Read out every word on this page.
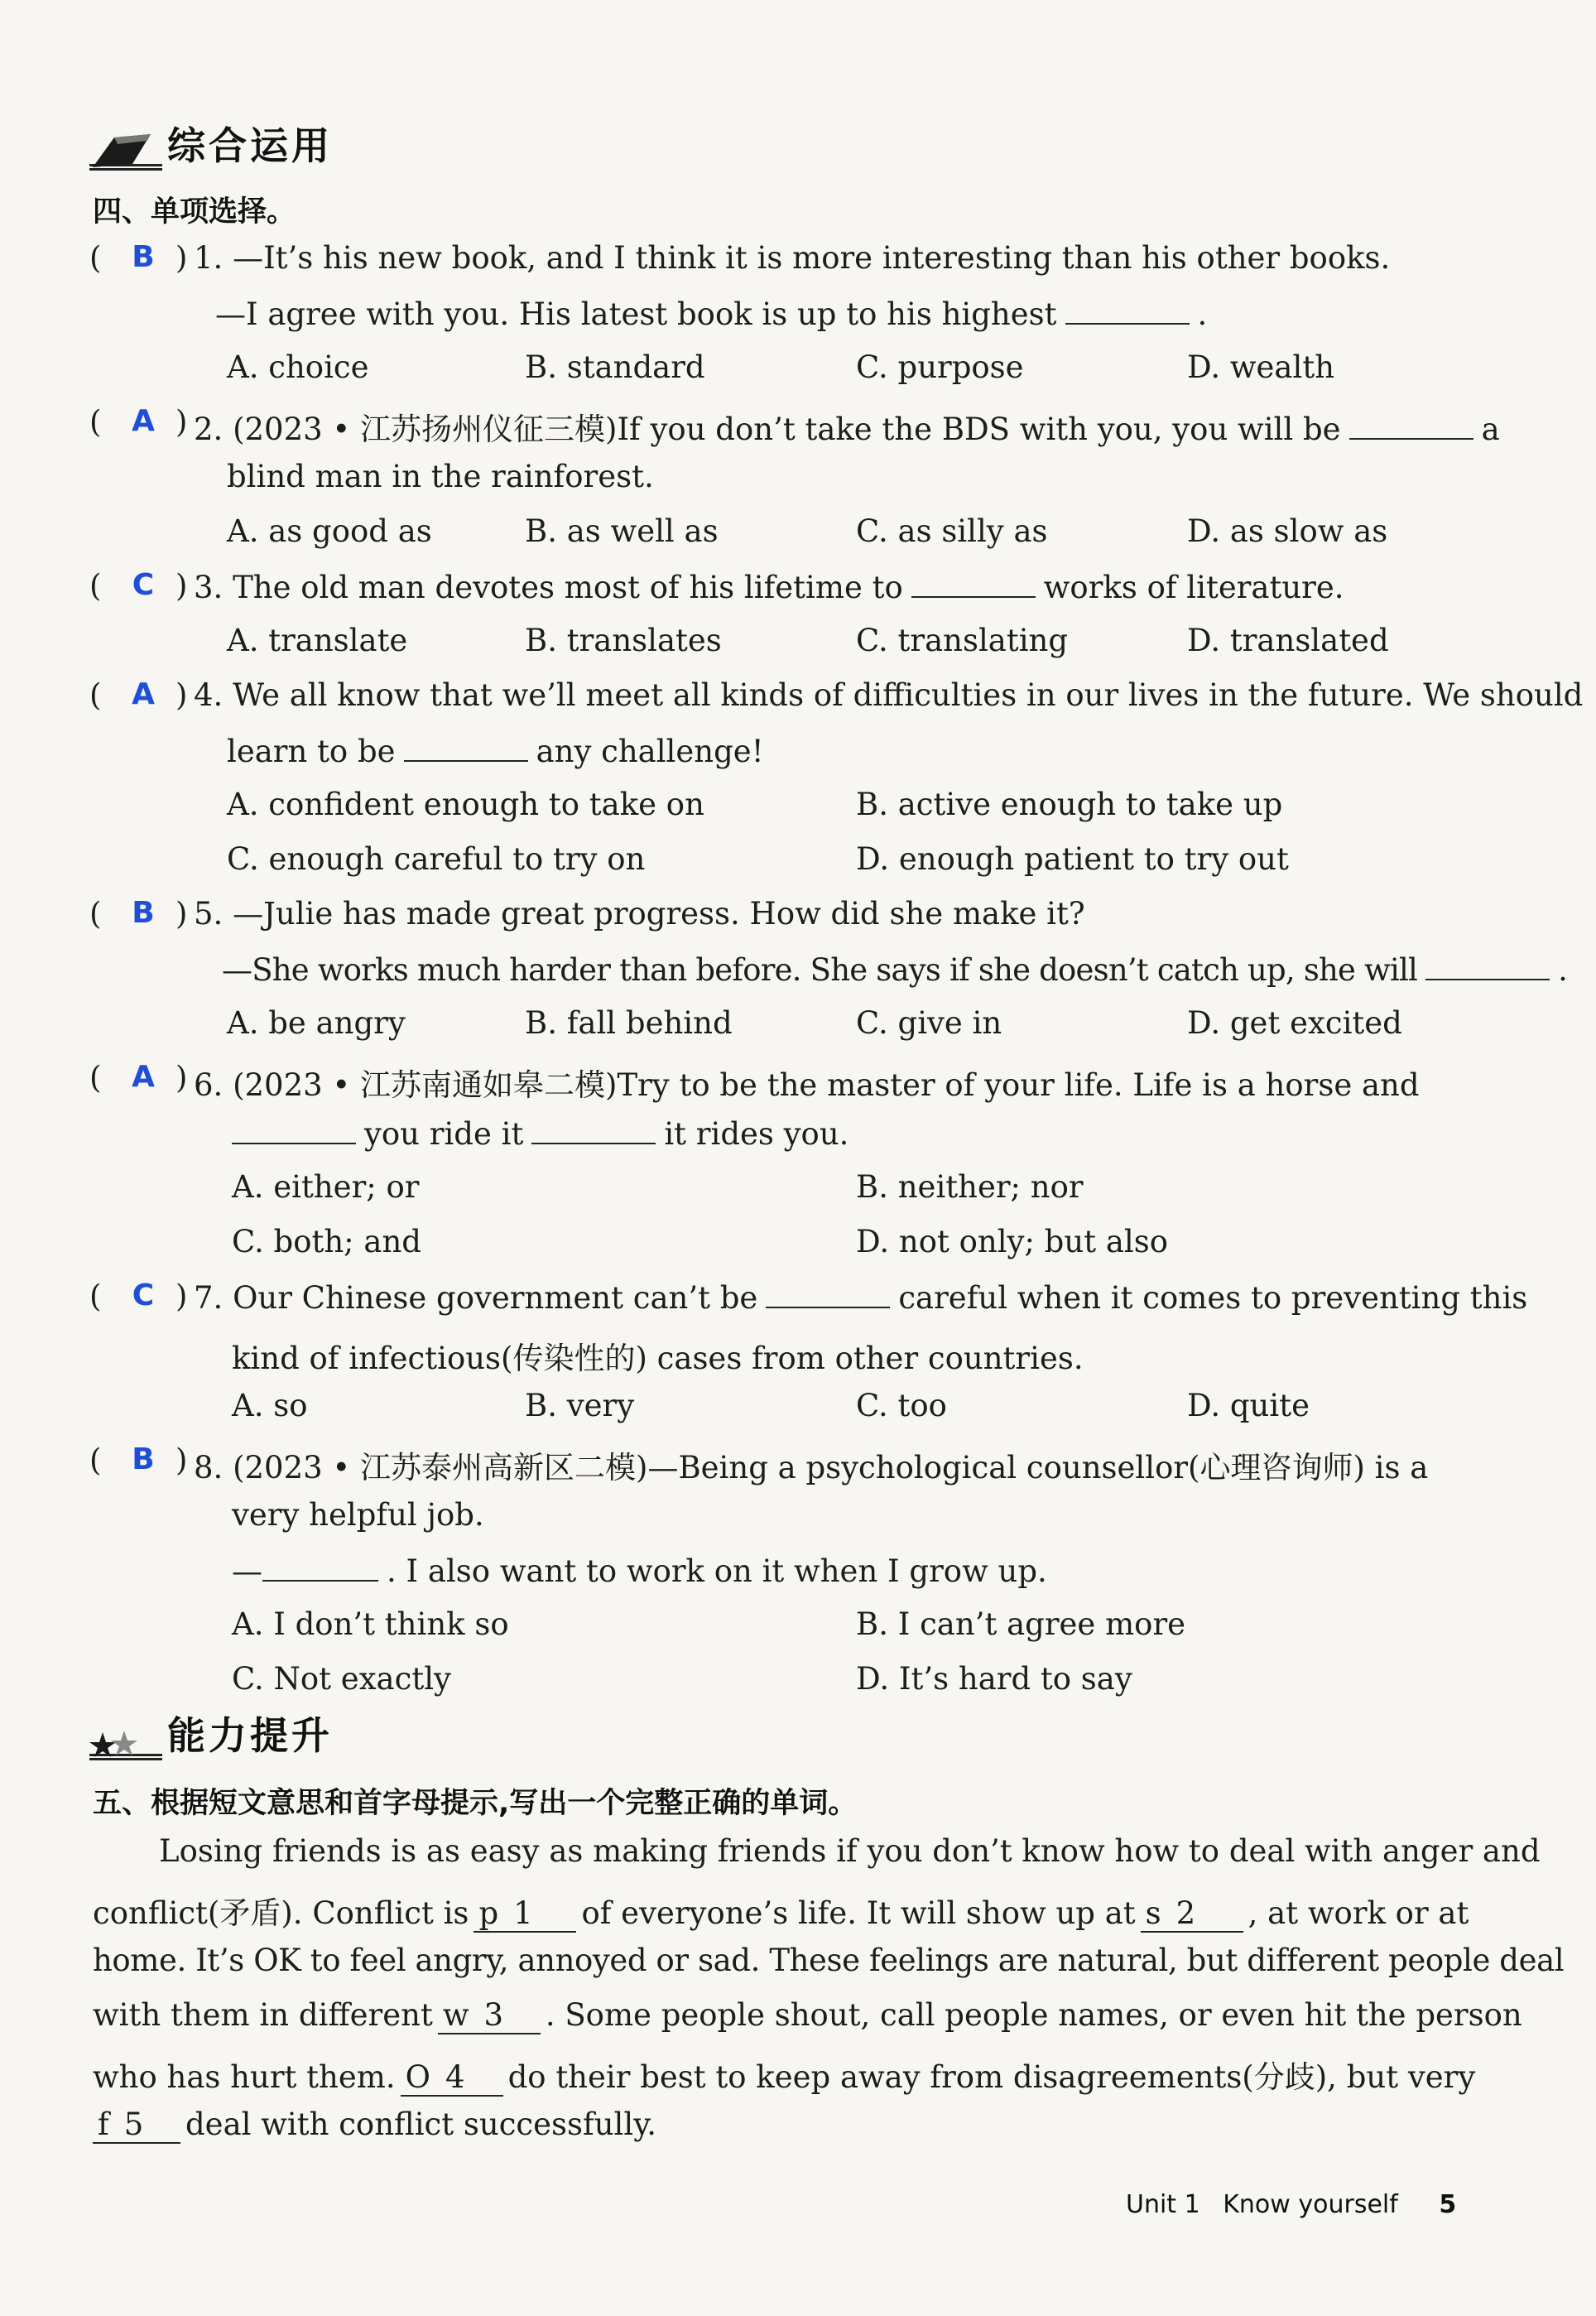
综合运用
四、单项选择。
(	B ) 1. —It’s his new book, and I think it is more interesting than his other books.
—I agree with you. His latest book is up to his highest	.
A. choice	B. standard	C. purpose	D. wealth
(	A ) 2. (2023 • 江苏扬州仪征三模)If you don’t take the BDS with you, you will be	a
blind man in the rainforest.
A. as good as	B. as well as	C. as silly as	D. as slow as
(	C ) 3. The old man devotes most of his lifetime to	works of literature.
A. translate	B. translates	C. translating	D. translated
(	A ) 4. We all know that we’ll meet all kinds of difficulties in our lives in the future. We should
learn to be	any challenge!
A. confident enough to take on	B. active enough to take up
C. enough careful to try on	D. enough patient to try out
(	B ) 5. —Julie has made great progress. How did she make it?
—She works much harder than before. She says if she doesn’t catch up, she will	.
A. be angry	B. fall behind	C. give in	D. get excited
(	A ) 6. (2023 • 江苏南通如皋二模)Try to be the master of your life. Life is a horse and
you ride it	it rides you.
A. either; or	B. neither; nor
C. both; and	D. not only; but also
(	C ) 7. Our Chinese government can’t be	careful when it comes to preventing this
kind of infectious(传染性的) cases from other countries.
A. so	B. very	C. too	D. quite
(	B ) 8. (2023 • 江苏泰州高新区二模)—Being a psychological counsellor(心理咨询师) is a
very helpful job.
—	. I also want to work on it when I grow up.
A. I don’t think so	B. I can’t agree more
C. Not exactly	D. It’s hard to say
能力提升
五、根据短文意思和首字母提示,写出一个完整正确的单词。
Losing friends is as easy as making friends if you don’t know how to deal with anger and
conflict(矛盾). Conflict is p 1 of everyone’s life. It will show up at s 2 , at work or at
home. It’s OK to feel angry, annoyed or sad. These feelings are natural, but different people deal
with them in different w 3 . Some people shout, call people names, or even hit the person
who has hurt them. O 4 do their best to keep away from disagreements(分歧), but very
f 5 deal with conflict successfully.
Unit 1 Know yourself 5
